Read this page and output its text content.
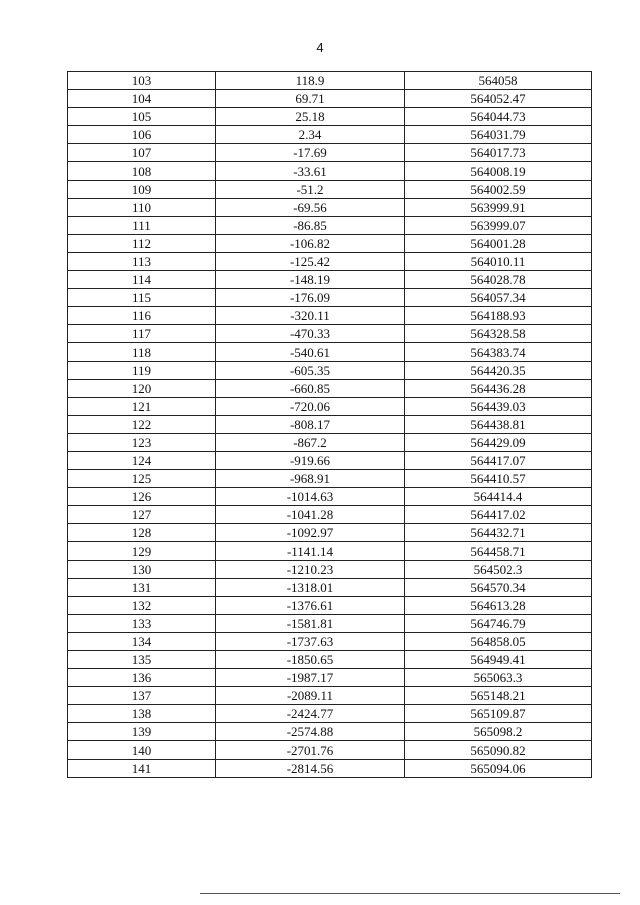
4
103	118.9	564058
104	69.71	564052.47
105	25.18	564044.73
106	2.34	564031.79
107	-17.69	564017.73
108	-33.61	564008.19
109	-51.2	564002.59
110	-69.56	563999.91
111	-86.85	563999.07
112	-106.82	564001.28
113	-125.42	564010.11
114	-148.19	564028.78
115	-176.09	564057.34
116	-320.11	564188.93
117	-470.33	564328.58
118	-540.61	564383.74
119	-605.35	564420.35
120	-660.85	564436.28
121	-720.06	564439.03
122	-808.17	564438.81
123	-867.2	564429.09
124	-919.66	564417.07
125	-968.91	564410.57
126	-1014.63	564414.4
127	-1041.28	564417.02
128	-1092.97	564432.71
129	-1141.14	564458.71
130	-1210.23	564502.3
131	-1318.01	564570.34
132	-1376.61	564613.28
133	-1581.81	564746.79
134	-1737.63	564858.05
135	-1850.65	564949.41
136	-1987.17	565063.3
137	-2089.11	565148.21
138	-2424.77	565109.87
139	-2574.88	565098.2
140	-2701.76	565090.82
141	-2814.56	565094.06
